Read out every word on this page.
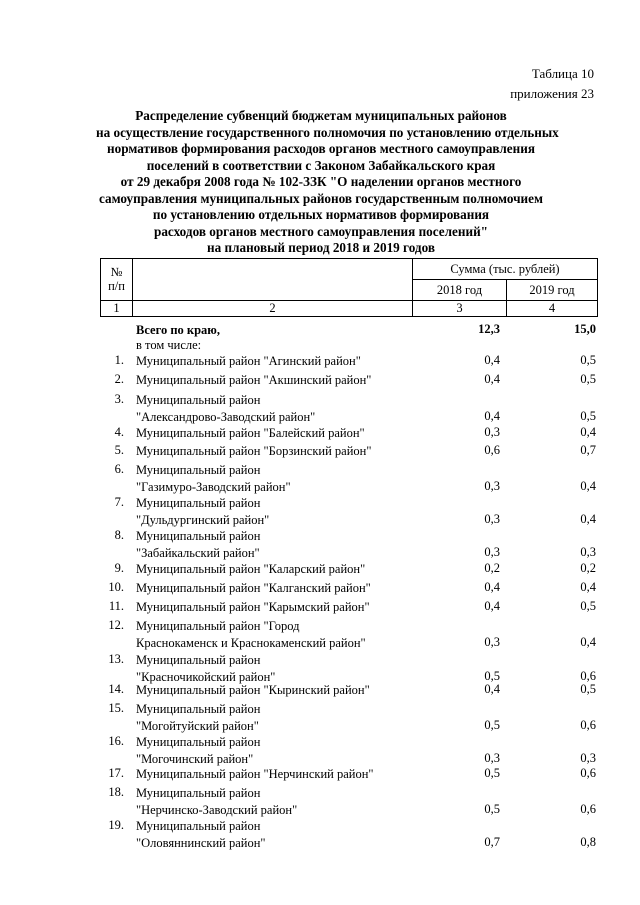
Таблица 10
приложения 23
Распределение субвенций бюджетам муниципальных районов
на осуществление государственного полномочия по установлению отдельных
нормативов формирования расходов органов местного самоуправления
поселений в соответствии с Законом Забайкальского края
от 29 декабря 2008 года № 102-ЗЗК "О наделении органов местного
самоуправления муниципальных районов государственным полномочием
по установлению отдельных нормативов формирования
расходов органов местного самоуправления поселений"
на плановый период 2018 и 2019 годов
№
п/п
Сумма (тыс. рублей)
2018 год	2019 год
1	2	3	4
Всего по краю,	12,3	15,0
в том числе:
1. Муниципальный район "Агинский район"	0,4	0,5
2. Муниципальный район "Акшинский район"	0,4	0,5
3. Муниципальный район
"Александрово-Заводский район"	0,4	0,5
4. Муниципальный район "Балейский район"	0,3	0,4
5. Муниципальный район "Борзинский район"	0,6	0,7
6. Муниципальный район
"Газимуро-Заводский район"	0,3	0,4
7. Муниципальный район
"Дульдургинский район"	0,3	0,4
8. Муниципальный район
"Забайкальский район"	0,3	0,3
9. Муниципальный район "Каларский район"	0,2	0,2
10. Муниципальный район "Калганский район"	0,4	0,4
11. Муниципальный район "Карымский район"	0,4	0,5
12. Муниципальный район "Город
Краснокаменск и Краснокаменский район"	0,3	0,4
13. Муниципальный район
"Красночикойский район"	0,5	0,6
14. Муниципальный район "Кыринский район"	0,4	0,5
15. Муниципальный район
"Могойтуйский район"	0,5	0,6
16. Муниципальный район
"Могочинский район"	0,3	0,3
17. Муниципальный район "Нерчинский район"	0,5	0,6
18. Муниципальный район
"Нерчинско-Заводский район"	0,5	0,6
19. Муниципальный район
"Оловяннинский район"	0,7	0,8
